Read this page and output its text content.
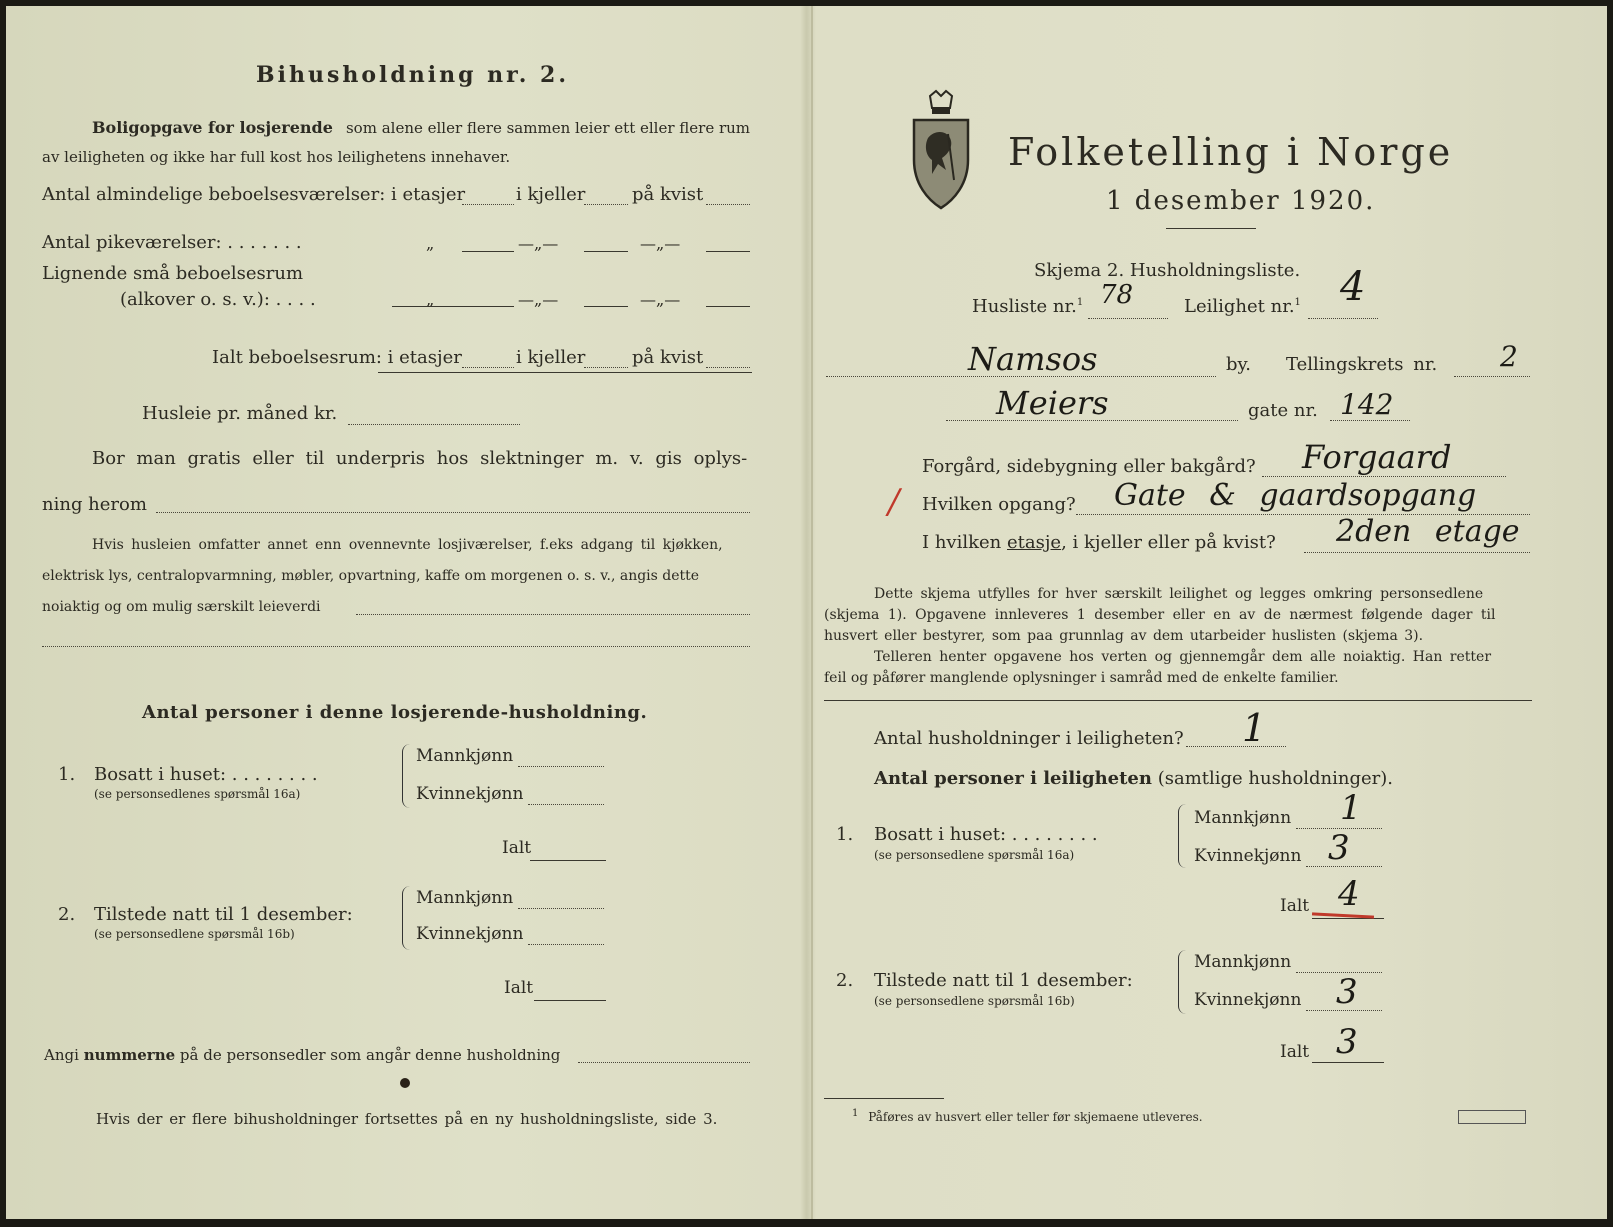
Bihusholdning nr. 2.
Boligopgave for losjerende som alene eller flere sammen leier ett eller flere rum
av leiligheten og ikke har full kost hos leilighetens innehaver.
Antal almindelige beboelsesværelser: i etasjer	i kjeller	på kvist
Antal pikeværelser: . . . . . . .	„	—„—	—„—
Lignende små beboelsesrum
(alkover o. s. v.): . . . .	„	—„—	—„—
Ialt beboelsesrum: i etasjer	i kjeller	på kvist
Husleie pr. måned kr.
Bor man gratis eller til underpris hos slektninger m. v. gis oplys-
ning herom
Hvis husleien omfatter annet enn ovennevnte losjiværelser, f.eks adgang til kjøkken,
elektrisk lys, centralopvarmning, møbler, opvartning, kaffe om morgenen o. s. v., angis dette
noiaktig og om mulig særskilt leieverdi
Antal personer i denne losjerende-husholdning.
1. Bosatt i huset: . . . . . . . .
(se personsedlenes spørsmål 16a)
Mannkjønn
Kvinnekjønn
Ialt
2. Tilstede natt til 1 desember:
(se personsedlene spørsmål 16b)
Mannkjønn
Kvinnekjønn
Ialt
Angi nummerne på de personsedler som angår denne husholdning
Hvis der er flere bihusholdninger fortsettes på en ny husholdningsliste, side 3.
Folketelling i Norge
1 desember 1920.
Skjema 2. Husholdningsliste.
Husliste nr.$^1$ 78	Leilighet nr.$^1$ 4
Namsos	by. Tellingskrets nr. 2
Meiers	gate nr. 142
Forgård, sidebygning eller bakgård? Forgaard
/ Hvilken opgang? Gate & gaardsopgang
I hvilken etasje, i kjeller eller på kvist? 2den etage
Dette skjema utfylles for hver særskilt leilighet og legges omkring personsedlene
(skjema 1). Opgavene innleveres 1 desember eller en av de nærmest følgende dager til
husvert eller bestyrer, som paa grunnlag av dem utarbeider huslisten (skjema 3).
Telleren henter opgavene hos verten og gjennemgår dem alle noiaktig. Han retter
feil og påfører manglende oplysninger i samråd med de enkelte familier.
Antal husholdninger i leiligheten? 1
Antal personer i leiligheten (samtlige husholdninger).
1. Bosatt i huset: . . . . . . . .
(se personsedlene spørsmål 16a)
Mannkjønn 1
Kvinnekjønn 3
Ialt 4
2. Tilstede natt til 1 desember:
(se personsedlene spørsmål 16b)
Mannkjønn
Kvinnekjønn 3
Ialt 3
$^1$ Påføres av husvert eller teller før skjemaene utleveres.
